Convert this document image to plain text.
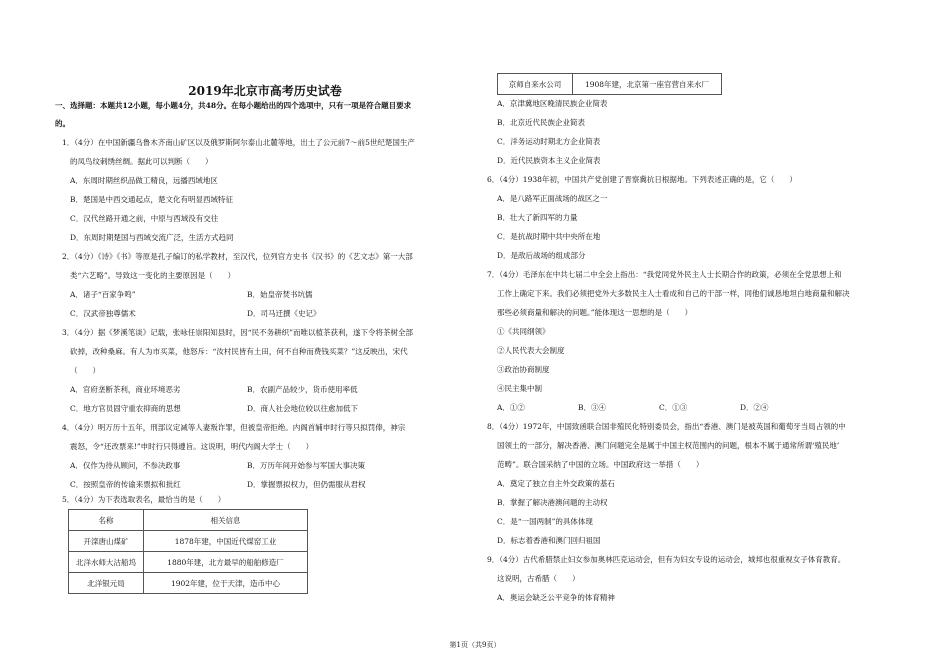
2019年北京市高考历史试卷
一、选择题：本题共12小题，每小题4分，共48分。在每小题给出的四个选项中，只有一项是符合题目要求
的。
1．（4分）在中国新疆乌鲁木齐南山矿区以及俄罗斯阿尔泰山北麓等地，出土了公元前7～前5世纪楚国生产
的凤鸟纹刺绣丝绸。据此可以判断（　　）
A．东周时期丝织品做工精良，远播西域地区
B．楚国是中西交通起点，楚文化有明显西域特征
C．汉代丝路开通之前，中原与西域没有交往
D．东周时期楚国与西域交流广泛，生活方式趋同
2．（4分）《诗》《书》等原是孔子编订的私学教材，至汉代，位列官方史书《汉书》的《艺文志》第一大部
类“六艺略”。导致这一变化的主要原因是（　　）
A．诸子“百家争鸣”	B．始皇帝焚书坑儒
C．汉武帝独尊儒术	D．司马迁撰《史记》
3．（4分）据《梦溪笔谈》记载，张咏任崇阳知县时，因“民不务耕织”而唯以植茶获利，遂下令将茶树全部
砍掉，改种桑麻。有人为市买菜，他怒斥：“汝村民皆有土田，何不自种而费钱买菜？”这反映出，宋代
（　　）
A．官府垄断茶利，商业环境恶劣	B．农副产品较少，货币使用率低
C．地方官员固守重农抑商的思想	D．商人社会地位较以往愈加低下
4．（4分）明万历十五年，刑部议定减等人妻叛诈罪，但被皇帝拒绝。内阁首辅申时行等只拟罚俸，神宗
震怒，令“还改票来!”申时行只得遵旨。这说明，明代内阁大学士（　　）
A．仅作为待从顾问，不参决政事	B．万历年间开始参与军国大事决策
C．按照皇帝的传谕来票拟和批红	D．掌握票拟权力，但仍需服从君权
5．（4分）为下表选取表名，最恰当的是（　　）
名称	相关信息
开滦唐山煤矿	1878年建，中国近代煤窑工业
北洋水师大沽船坞	1880年建，北方最早的船舶修造厂
北洋银元局	1902年建，位于天津，造币中心
京师自来水公司	1908年建，北京第一座官营自来水厂
A．京津冀地区晚清民族企业简表
B．北京近代民族企业简表
C．洋务运动时期北方企业简表
D．近代民族资本主义企业简表
6．（4分）1938年初，中国共产党创建了晋察冀抗日根据地。下列表述正确的是，它（　　）
A．是八路军正面战场的战区之一
B．壮大了新四军的力量
C．是抗战时期中共中央所在地
D．是敌后战场的组成部分
7．（4分）毛泽东在中共七届二中全会上指出：“我党同党外民主人士长期合作的政策，必须在全党思想上和
工作上确定下来。我们必须把党外大多数民主人士看成和自己的干部一样，同他们诚恳地坦白地商量和解决
那些必须商量和解决的问题。”能体现这一思想的是（　　）
①《共同纲领》
②人民代表大会制度
③政治协商制度
④民主集中制
A．①②	B．③④	C．①③	D．②④
8．（4分）1972年，中国致函联合国非殖民化特别委员会，指出“香港、澳门是被英国和葡萄牙当局占领的中
国领土的一部分，解决香港、澳门问题完全是属于中国主权范围内的问题，根本不属于通常所谓‘殖民地’
范畴”。联合国采纳了中国的立场。中国政府这一举措（　　）
A．奠定了独立自主外交政策的基石
B．掌握了解决港澳问题的主动权
C．是“一国两制”的具体体现
D．标志着香港和澳门回归祖国
9．（4分）古代希腊禁止妇女参加奥林匹克运动会，但有为妇女专设的运动会，城邦也很重视女子体育教育。
这说明，古希腊（　　）
A．奥运会缺乏公平竞争的体育精神
第1页（共9页）
